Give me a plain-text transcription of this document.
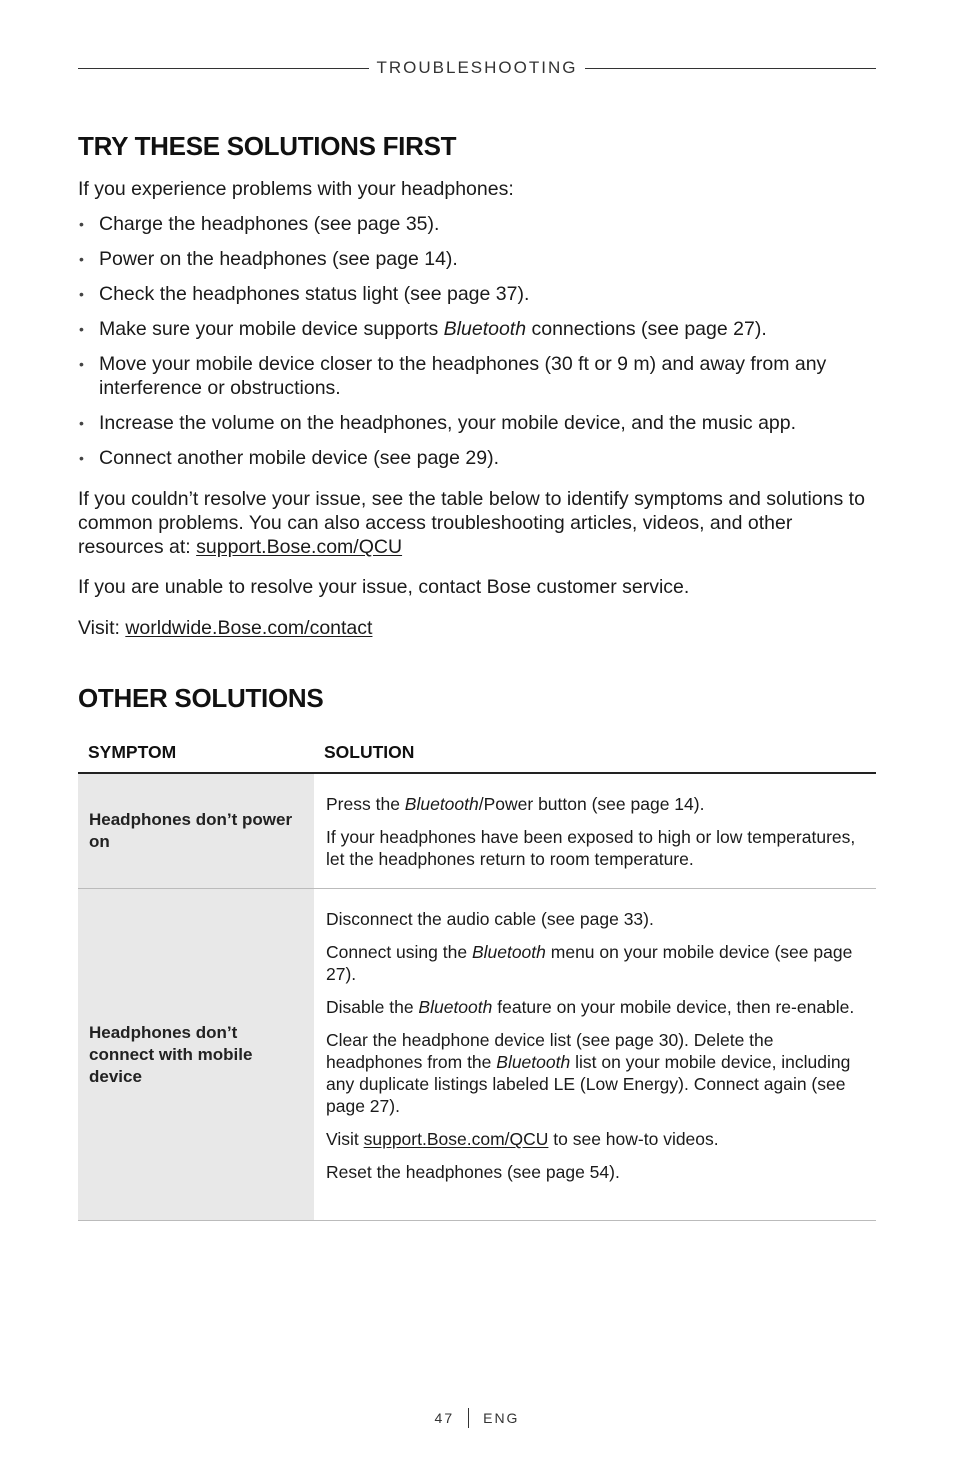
TROUBLESHOOTING
TRY THESE SOLUTIONS FIRST

If you experience problems with your headphones:

• Charge the headphones (see page 35).
• Power on the headphones (see page 14).
• Check the headphones status light (see page 37).
• Make sure your mobile device supports Bluetooth connections (see page 27).
• Move your mobile device closer to the headphones (30 ft or 9 m) and away from any interference or obstructions.
• Increase the volume on the headphones, your mobile device, and the music app.
• Connect another mobile device (see page 29).

If you couldn’t resolve your issue, see the table below to identify symptoms and solutions to common problems. You can also access troubleshooting articles, videos, and other resources at: support.Bose.com/QCU

If you are unable to resolve your issue, contact Bose customer service.

Visit: worldwide.Bose.com/contact

OTHER SOLUTIONS
SYMPTOM	SOLUTION
Headphones don’t power on

Press the Bluetooth/Power button (see page 14).

If your headphones have been exposed to high or low temperatures, let the headphones return to room temperature.

Headphones don’t connect with mobile device

Disconnect the audio cable (see page 33).

Connect using the Bluetooth menu on your mobile device (see page 27).

Disable the Bluetooth feature on your mobile device, then re-enable.

Clear the headphone device list (see page 30). Delete the headphones from the Bluetooth list on your mobile device, including any duplicate listings labeled LE (Low Energy). Connect again (see page 27).

Visit support.Bose.com/QCU to see how-to videos.

Reset the headphones (see page 54).

47 ENG
